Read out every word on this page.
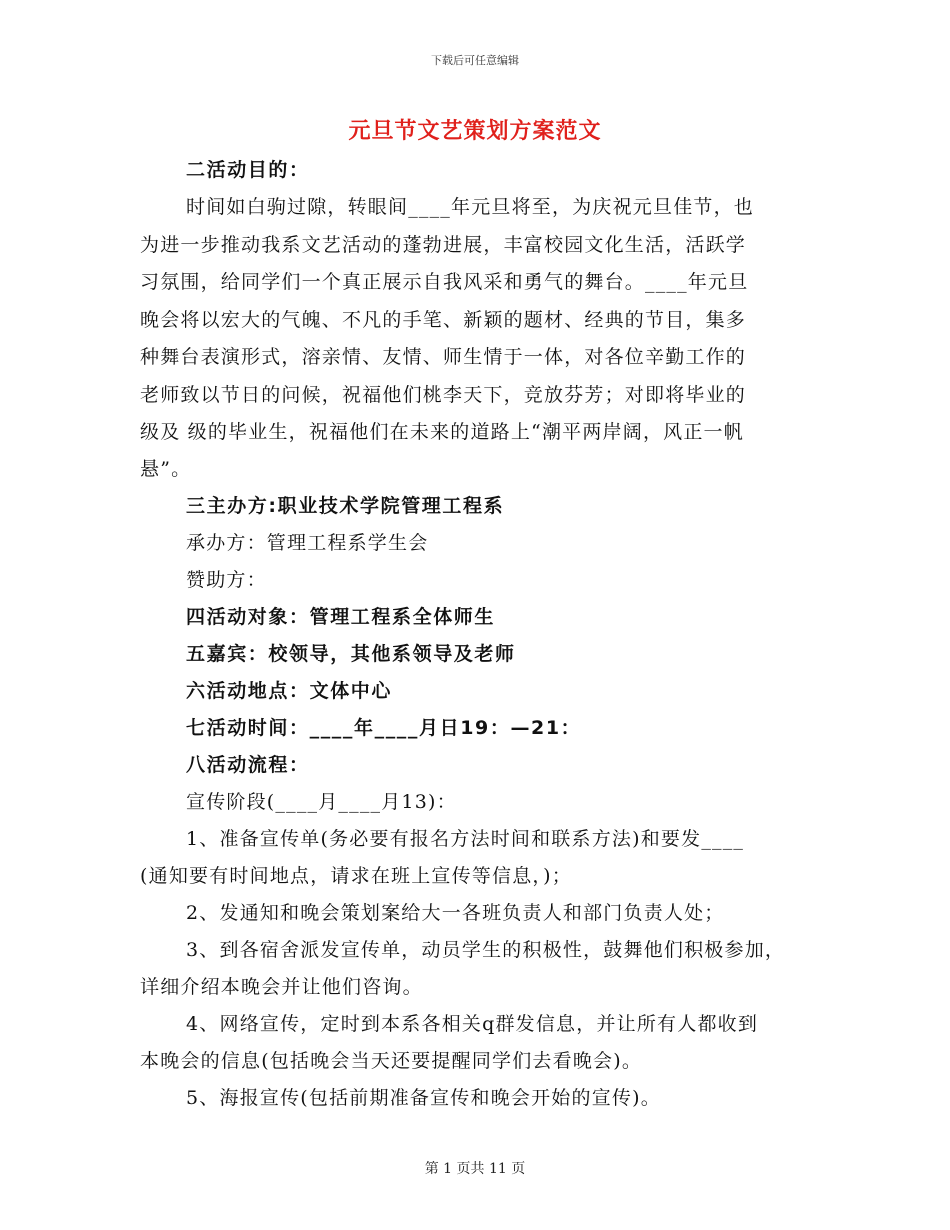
下载后可任意编辑
元旦节文艺策划方案范文
二活动目的：
时间如白驹过隙，转眼间____年元旦将至，为庆祝元旦佳节，也
为进一步推动我系文艺活动的蓬勃进展，丰富校园文化生活，活跃学
习氛围，给同学们一个真正展示自我风采和勇气的舞台。____年元旦
晚会将以宏大的气魄、不凡的手笔、新颖的题材、经典的节目，集多
种舞台表演形式，溶亲情、友情、师生情于一体，对各位辛勤工作的
老师致以节日的问候，祝福他们桃李天下，竞放芬芳；对即将毕业的
级及 级的毕业生，祝福他们在未来的道路上“潮平两岸阔，风正一帆
悬”。
三主办方:职业技术学院管理工程系
承办方：管理工程系学生会
赞助方：
四活动对象：管理工程系全体师生
五嘉宾：校领导，其他系领导及老师
六活动地点：文体中心
七活动时间：____年____月日19：—21：
八活动流程：
宣传阶段(____月____月13)：
1、准备宣传单(务必要有报名方法时间和联系方法)和要发____
(通知要有时间地点，请求在班上宣传等信息，)；
2、发通知和晚会策划案给大一各班负责人和部门负责人处；
3、到各宿舍派发宣传单，动员学生的积极性，鼓舞他们积极参加，
详细介绍本晚会并让他们咨询。
4、网络宣传，定时到本系各相关q群发信息，并让所有人都收到
本晚会的信息(包括晚会当天还要提醒同学们去看晚会)。
5、海报宣传(包括前期准备宣传和晚会开始的宣传)。
第 1 页共 11 页
